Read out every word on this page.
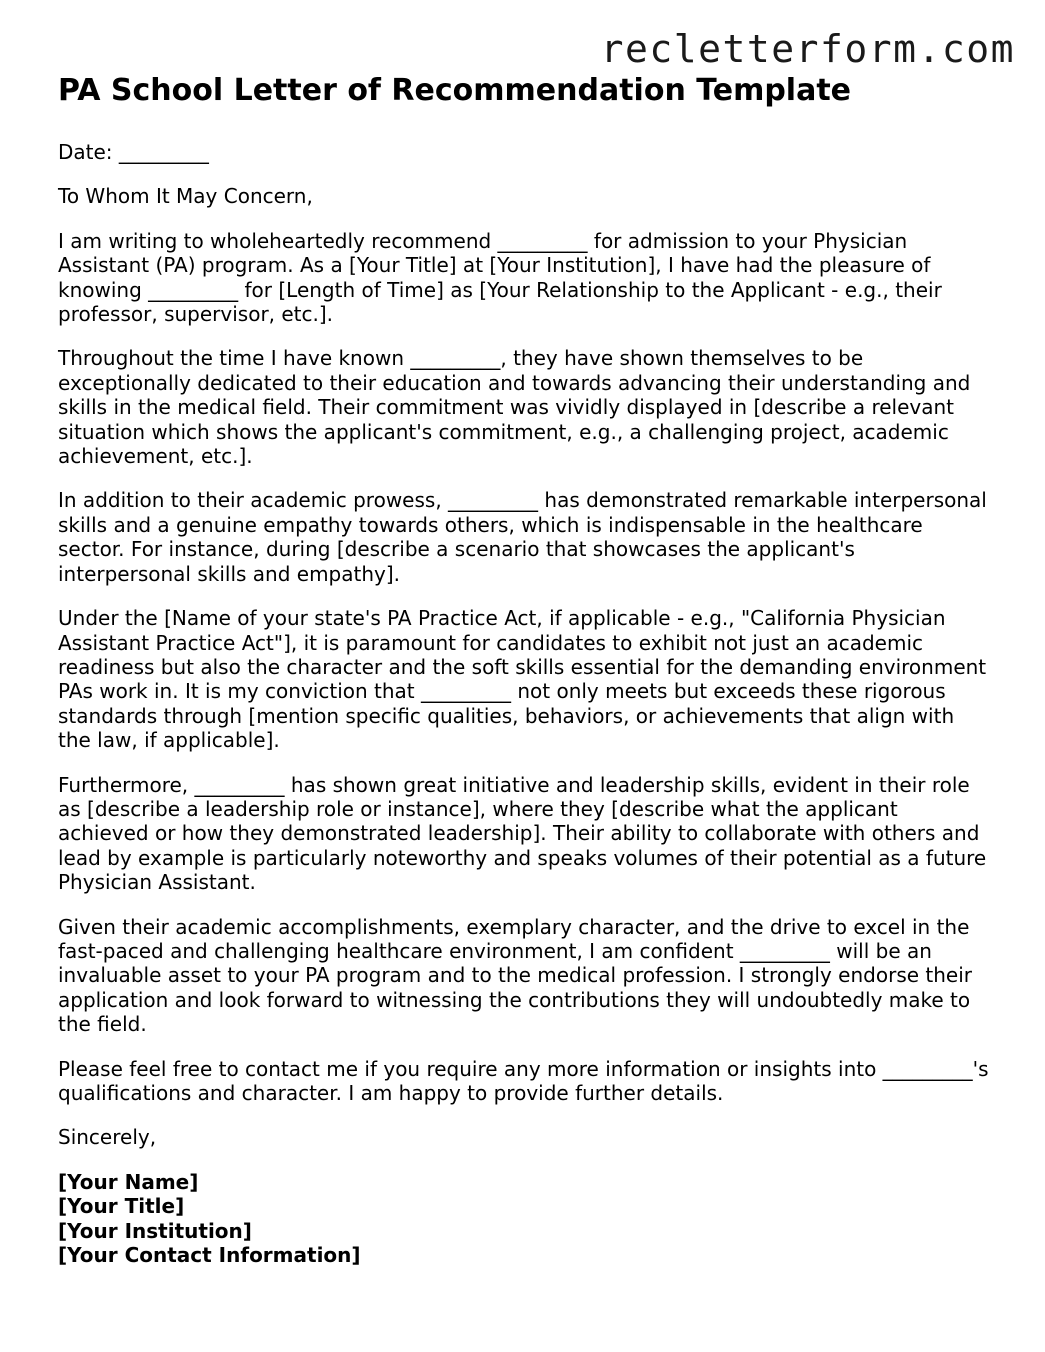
recletterform.com
PA School Letter of Recommendation Template

Date: _________

To Whom It May Concern,

I am writing to wholeheartedly recommend _________ for admission to your Physician Assistant (PA) program. As a [Your Title] at [Your Institution], I have had the pleasure of knowing _________ for [Length of Time] as [Your Relationship to the Applicant - e.g., their professor, supervisor, etc.].

Throughout the time I have known _________, they have shown themselves to be exceptionally dedicated to their education and towards advancing their understanding and skills in the medical field. Their commitment was vividly displayed in [describe a relevant situation which shows the applicant's commitment, e.g., a challenging project, academic achievement, etc.].

In addition to their academic prowess, _________ has demonstrated remarkable interpersonal skills and a genuine empathy towards others, which is indispensable in the healthcare sector. For instance, during [describe a scenario that showcases the applicant's interpersonal skills and empathy].

Under the [Name of your state's PA Practice Act, if applicable - e.g., "California Physician Assistant Practice Act"], it is paramount for candidates to exhibit not just an academic readiness but also the character and the soft skills essential for the demanding environment PAs work in. It is my conviction that _________ not only meets but exceeds these rigorous standards through [mention specific qualities, behaviors, or achievements that align with the law, if applicable].

Furthermore, _________ has shown great initiative and leadership skills, evident in their role as [describe a leadership role or instance], where they [describe what the applicant achieved or how they demonstrated leadership]. Their ability to collaborate with others and lead by example is particularly noteworthy and speaks volumes of their potential as a future Physician Assistant.

Given their academic accomplishments, exemplary character, and the drive to excel in the fast-paced and challenging healthcare environment, I am confident _________ will be an invaluable asset to your PA program and to the medical profession. I strongly endorse their application and look forward to witnessing the contributions they will undoubtedly make to the field.

Please feel free to contact me if you require any more information or insights into _________'s qualifications and character. I am happy to provide further details.

Sincerely,

[Your Name]
[Your Title]
[Your Institution]
[Your Contact Information]
